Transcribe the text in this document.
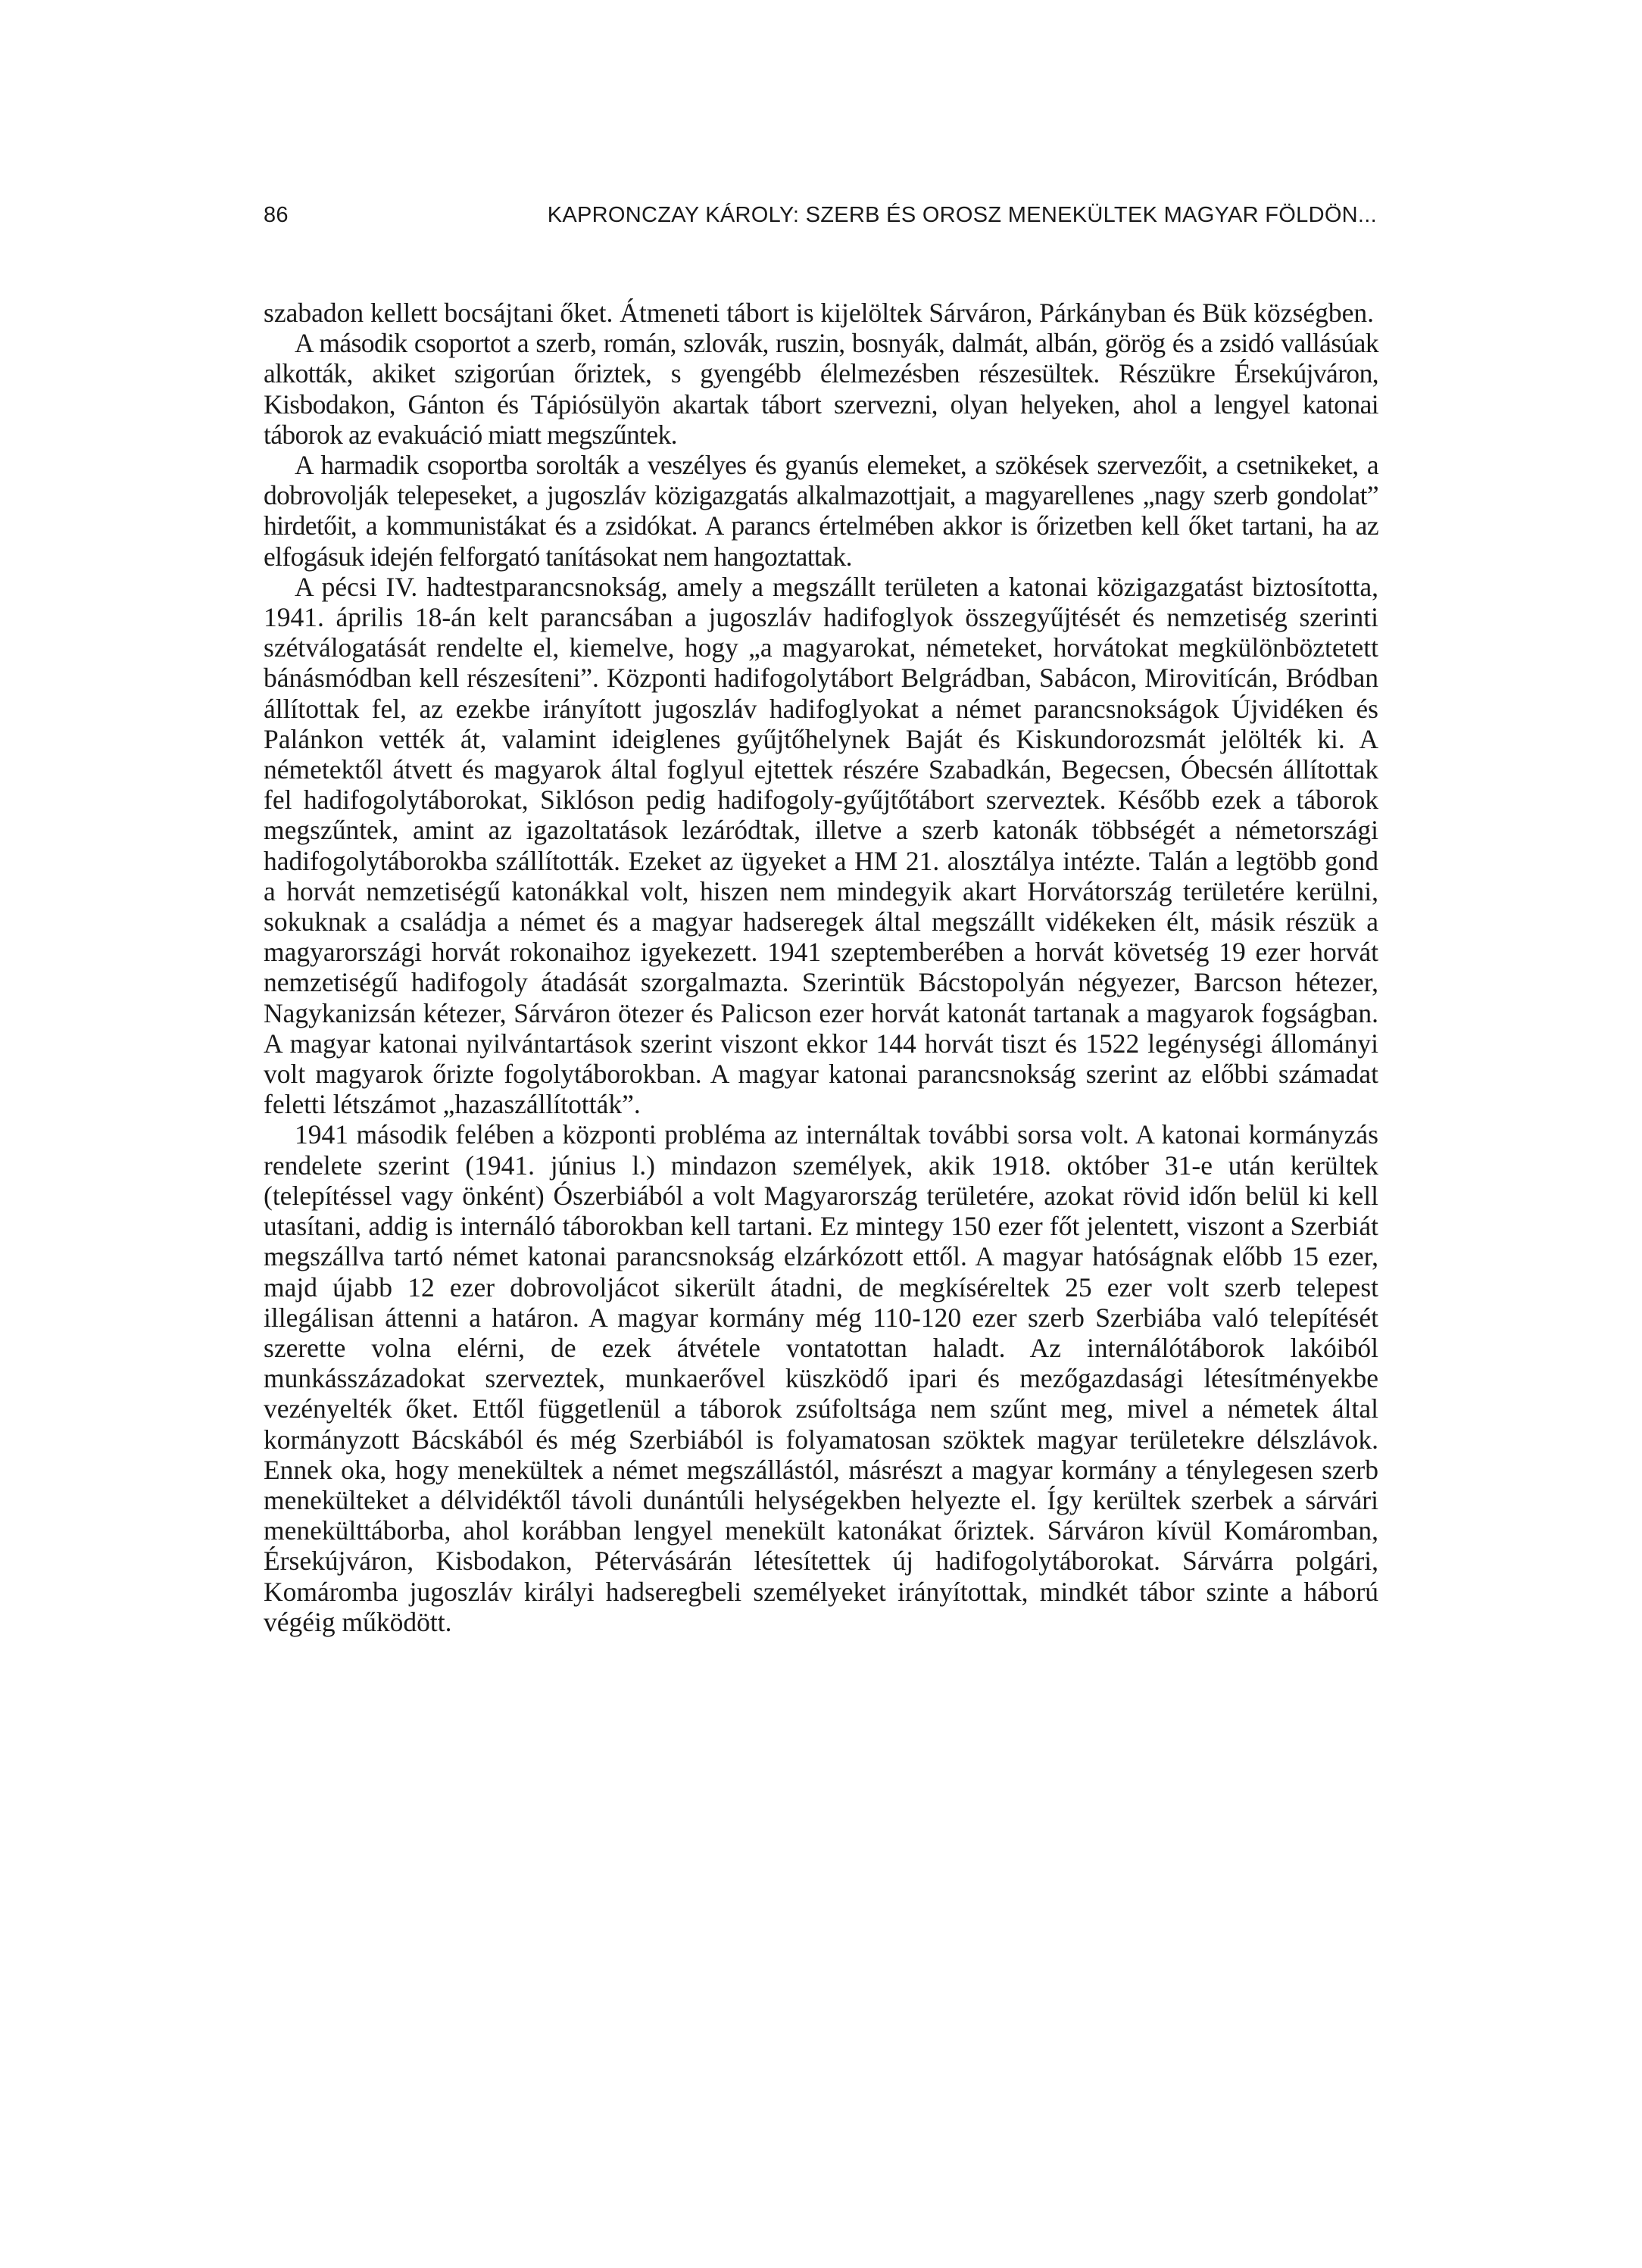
86	KAPRONCZAY KÁROLY: SZERB ÉS OROSZ MENEKÜLTEK MAGYAR FÖLDÖN...

szabadon kellett bocsájtani őket. Átmeneti tábort is kijelöltek Sárváron, Párkányban és Bük községben.

A második csoportot a szerb, román, szlovák, ruszin, bosnyák, dalmát, albán, görög és a zsidó vallásúak alkották, akiket szigorúan őriztek, s gyengébb élelmezésben részesültek. Részükre Érsekújváron, Kisbodakon, Gánton és Tápiósülyön akartak tábort szervezni, olyan helyeken, ahol a lengyel katonai táborok az evakuáció miatt megszűntek.

A harmadik csoportba sorolták a veszélyes és gyanús elemeket, a szökések szervezőit, a csetnikeket, a dobrovolják telepeseket, a jugoszláv közigazgatás alkalmazottjait, a magyarellenes „nagy szerb gondolat” hirdetőit, a kommunistákat és a zsidókat. A parancs értelmében akkor is őrizetben kell őket tartani, ha az elfogásuk idején felforgató tanításokat nem hangoztattak.

A pécsi IV. hadtestparancsnokság, amely a megszállt területen a katonai közigazgatást biztosította, 1941. április 18-án kelt parancsában a jugoszláv hadifoglyok összegyűjtését és nemzetiség szerinti szétválogatását rendelte el, kiemelve, hogy „a magyarokat, németeket, horvátokat megkülönböztetett bánásmódban kell részesíteni”. Központi hadifogolytábort Belgrádban, Sabácon, Mirovitícán, Bródban állítottak fel, az ezekbe irányított jugoszláv hadifoglyokat a német parancsnokságok Újvidéken és Palánkon vették át, valamint ideiglenes gyűjtőhelynek Baját és Kiskundorozsmát jelölték ki. A németektől átvett és magyarok által foglyul ejtettek részére Szabadkán, Begecsen, Óbecsén állítottak fel hadifogolytáborokat, Siklóson pedig hadifogoly-gyűjtőtábort szerveztek. Később ezek a táborok megszűntek, amint az igazoltatások lezáródtak, illetve a szerb katonák többségét a németországi hadifogolytáborokba szállították. Ezeket az ügyeket a HM 21. alosztálya intézte. Talán a legtöbb gond a horvát nemzetiségű katonákkal volt, hiszen nem mindegyik akart Horvátország területére kerülni, sokuknak a családja a német és a magyar hadseregek által megszállt vidékeken élt, másik részük a magyarországi horvát rokonaihoz igyekezett. 1941 szeptemberében a horvát követség 19 ezer horvát nemzetiségű hadifogoly átadását szorgalmazta. Szerintük Bácstopolyán négyezer, Barcson hétezer, Nagykanizsán kétezer, Sárváron ötezer és Palicson ezer horvát katonát tartanak a magyarok fogságban. A magyar katonai nyilvántartások szerint viszont ekkor 144 horvát tiszt és 1522 legénységi állományi volt magyarok őrizte fogolytáborokban. A magyar katonai parancsnokság szerint az előbbi számadat feletti létszámot „hazaszállították”.

1941 második felében a központi probléma az internáltak további sorsa volt. A katonai kormányzás rendelete szerint (1941. június l.) mindazon személyek, akik 1918. október 31-e után kerültek (telepítéssel vagy önként) Ószerbiából a volt Magyarország területére, azokat rövid időn belül ki kell utasítani, addig is internáló táborokban kell tartani. Ez mintegy 150 ezer főt jelentett, viszont a Szerbiát megszállva tartó német katonai parancsnokság elzárkózott ettől. A magyar hatóságnak előbb 15 ezer, majd újabb 12 ezer dobrovoljácot sikerült átadni, de megkíséreltek 25 ezer volt szerb telepest illegálisan áttenni a határon. A magyar kormány még 110-120 ezer szerb Szerbiába való telepítését szerette volna elérni, de ezek átvétele vontatottan haladt. Az internálótáborok lakóiból munkásszázadokat szerveztek, munkaerővel küszködő ipari és mezőgazdasági létesítményekbe vezényelték őket. Ettől függetlenül a táborok zsúfoltsága nem szűnt meg, mivel a németek által kormányzott Bácskából és még Szerbiából is folyamatosan szöktek magyar területekre délszlávok. Ennek oka, hogy menekültek a német megszállástól, másrészt a magyar kormány a ténylegesen szerb menekülteket a délvidéktől távoli dunántúli helységekben helyezte el. Így kerültek szerbek a sárvári menekülttáborba, ahol korábban lengyel menekült katonákat őriztek. Sárváron kívül Komáromban, Érsekújváron, Kisbodakon, Pétervásárán létesítettek új hadifogolytáborokat. Sárvárra polgári, Komáromba jugoszláv királyi hadseregbeli személyeket irányítottak, mindkét tábor szinte a háború végéig működött.
